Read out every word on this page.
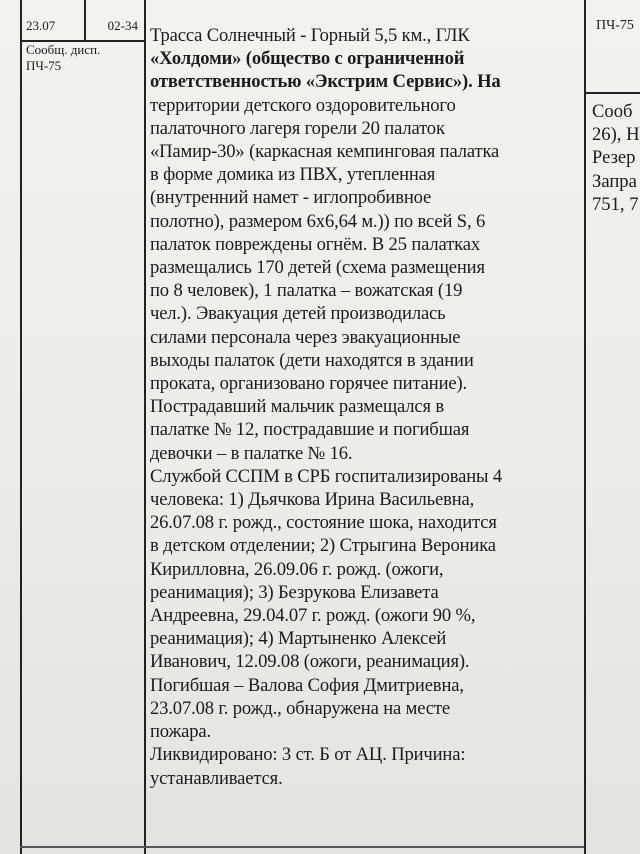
23.07	02-34
Сообщ. дисп.
ПЧ-75
Трасса Солнечный - Горный 5,5 км., ГЛК
«Холдоми» (общество с ограниченной
ответственностью «Экстрим Сервис»). На
территории детского оздоровительного
палаточного лагеря горели 20 палаток
«Памир-30» (каркасная кемпинговая палатка
в форме домика из ПВХ, утепленная
(внутренний намет - иглопробивное
полотно), размером 6х6,64 м.)) по всей S, 6
палаток повреждены огнём. В 25 палатках
размещались 170 детей (схема размещения
по 8 человек), 1 палатка – вожатская (19
чел.). Эвакуация детей производилась
силами персонала через эвакуационные
выходы палаток (дети находятся в здании
проката, организовано горячее питание).
Пострадавший мальчик размещался в
палатке № 12, пострадавшие и погибшая
девочки – в палатке № 16.
Службой ССПМ в СРБ госпитализированы 4
человека: 1) Дьячкова Ирина Васильевна,
26.07.08 г. рожд., состояние шока, находится
в детском отделении; 2) Стрыгина Вероника
Кирилловна, 26.09.06 г. рожд. (ожоги,
реанимация); 3) Безрукова Елизавета
Андреевна, 29.04.07 г. рожд. (ожоги 90 %,
реанимация); 4) Мартыненко Алексей
Иванович, 12.09.08 (ожоги, реанимация).
Погибшая – Валова София Дмитриевна,
23.07.08 г. рожд., обнаружена на месте
пожара.
Ликвидировано: 3 ст. Б от АЦ. Причина:
устанавливается.
ПЧ-75
Сооб
26), Н
Резер
Запра
751, 7
